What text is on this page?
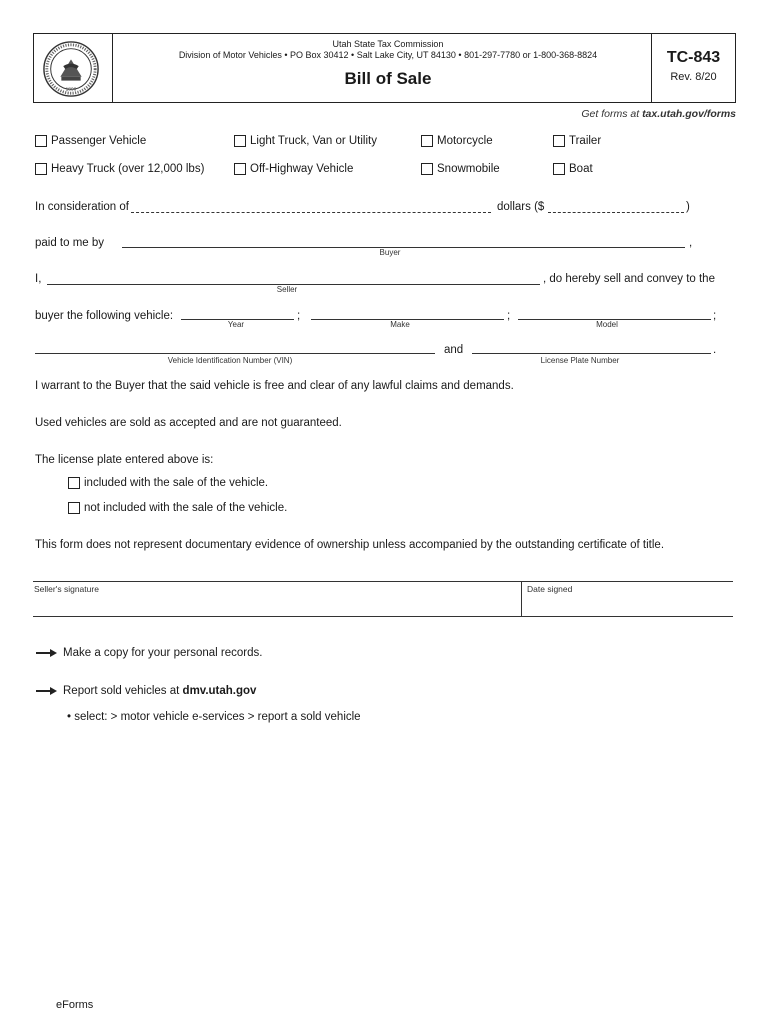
1896
Utah State Tax Commission
Division of Motor Vehicles • PO Box 30412 • Salt Lake City, UT 84130 • 801-297-7780 or 1-800-368-8824
Bill of Sale
TC-843
Rev. 8/20
Get forms at tax.utah.gov/forms
Passenger Vehicle	Light Truck, Van or Utility	Motorcycle	Trailer
Heavy Truck (over 12,000 lbs)	Off-Highway Vehicle	Snowmobile	Boat
In consideration of	dollars ($	)
paid to me by	,
Buyer
I,	, do hereby sell and convey to the
Seller
buyer the following vehicle:	;
Year
;
Make
;
Model
Vehicle Identification Number (VIN)
and	.
License Plate Number
I warrant to the Buyer that the said vehicle is free and clear of any lawful claims and demands.
Used vehicles are sold as accepted and are not guaranteed.
The license plate entered above is:
included with the sale of the vehicle.
not included with the sale of the vehicle.
This form does not represent documentary evidence of ownership unless accompanied by the outstanding certificate of title.
Seller's signature	Date signed
Make a copy for your personal records.
Report sold vehicles at dmv.utah.gov
• select: > motor vehicle e-services > report a sold vehicle
eForms
